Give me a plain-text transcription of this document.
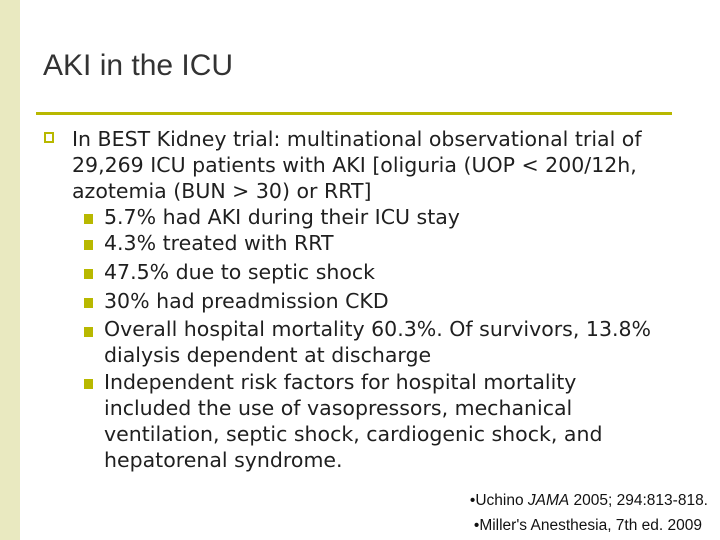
AKI in the ICU
In BEST Kidney trial: multinational observational trial of 29,269 ICU patients with AKI [oliguria (UOP < 200/12h, azotemia (BUN > 30) or RRT]
5.7% had AKI during their ICU stay
4.3% treated with RRT
47.5% due to septic shock
30% had preadmission CKD
Overall hospital mortality 60.3%. Of survivors, 13.8% dialysis dependent at discharge
Independent risk factors for hospital mortality included the use of vasopressors, mechanical ventilation, septic shock, cardiogenic shock, and hepatorenal syndrome.
•Uchino JAMA 2005; 294:813-818.
•Miller's Anesthesia, 7th ed. 2009
